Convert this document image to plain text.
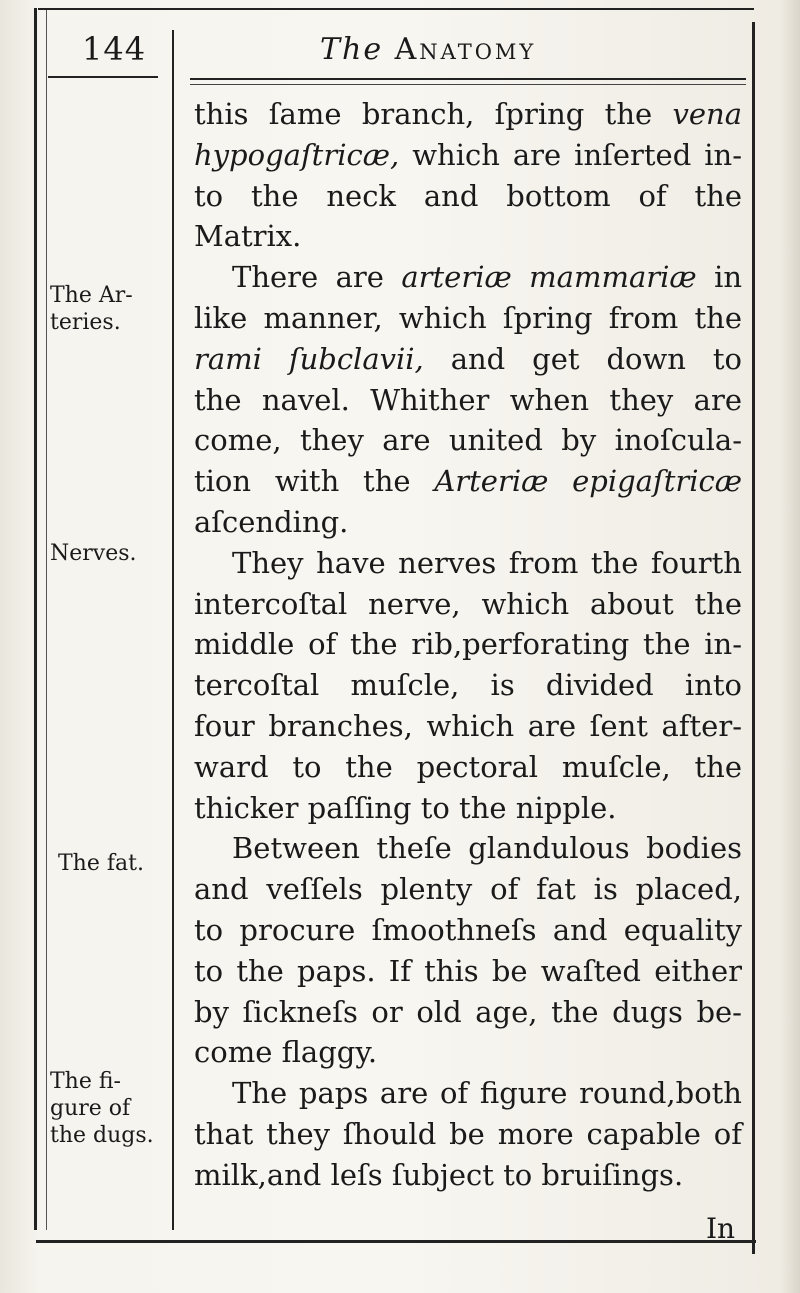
144	The Anatomy
The Ar-
teries.
Nerves.
The fat.
The fi-
gure of
the dugs.
this ſame branch, ſpring the vena
hypogaſtricæ, which are inſerted in-
to the neck and bottom of the
Matrix.
There are arteriæ mammariæ in
like manner, which ſpring from the
rami ſubclavii, and get down to
the navel. Whither when they are
come, they are united by inoſcula-
tion with the Arteriæ epigaſtricæ
aſcending.
They have nerves from the fourth
intercoſtal nerve, which about the
middle of the rib,perforating the in-
tercoſtal muſcle, is divided into
four branches, which are ſent after-
ward to the pectoral muſcle, the
thicker paſſing to the nipple.
Between theſe glandulous bodies
and veſſels plenty of fat is placed,
to procure ſmoothneſs and equality
to the paps. If this be waſted either
by ſickneſs or old age, the dugs be-
come flaggy.
The paps are of figure round,both
that they ſhould be more capable of
milk,and leſs ſubject to bruiſings.
In
